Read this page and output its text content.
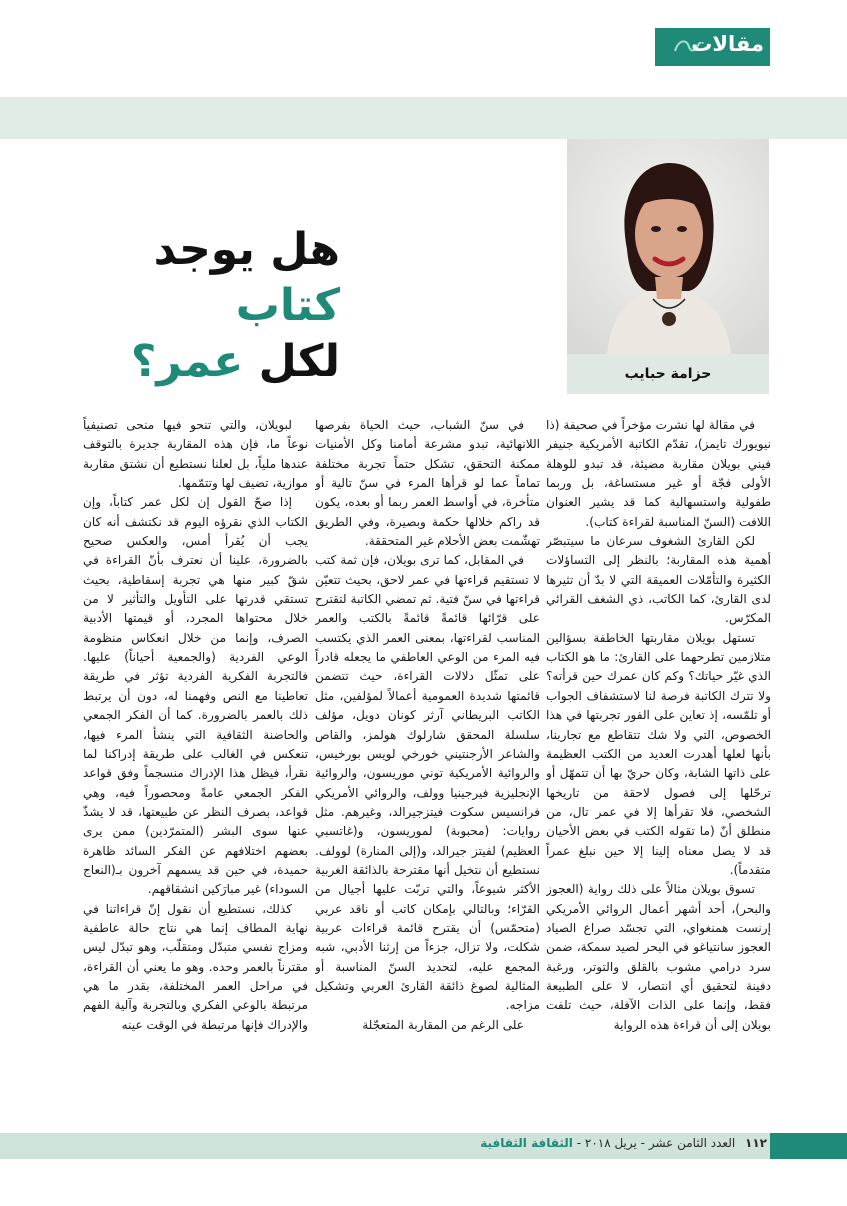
مقالات
حزامة حبايب
هل يوجد كتاب
لكل عمر؟

في مقالة لها نشرت مؤخراً في صحيفة (ذا نيويورك تايمز)، تقدّم الكاتبة الأمريكية جنيفر فيني بويلان مقاربة مضيئة، قد تبدو للوهلة الأولى فجّة أو غير مستساغة، بل وربما طفولية واستسهالية كما قد يشير العنوان اللافت (السنّ المناسبة لقراءة كتاب).

لكن القارئ الشغوف سرعان ما سيتبصّر أهمية هذه المقاربة؛ بالنظر إلى التساؤلات الكثيرة والتأمّلات العميقة التي لا بدّ أن تثيرها لدى القارئ، كما الكاتب، ذي الشغف القرائي المكرّس.

تستهل بويلان مقاربتها الخاطفة بسؤالين متلازمين تطرحهما على القارئ: ما هو الكتاب الذي غيّر حياتك؟ وكم كان عمرك حين قرأته؟ ولا تترك الكاتبة فرصة لنا لاستشفاف الجواب أو تلمّسه، إذ تعاين على الفور تجربتها في هذا الخصوص، التي ولا شك تتقاطع مع تجاربنا، بأنها لعلها أهدرت العديد من الكتب العظيمة على ذاتها الشابة، وكان حريّ بها أن تتمهّل أو ترحّلها إلى فصول لاحقة من تاريخها الشخصي، فلا تقرأها إلا في عمر تال، من منطلق أنّ (ما تقوله الكتب في بعض الأحيان قد لا يصل معناه إلينا إلا حين نبلغ عمراً متقدماً).

تسوق بويلان مثالاً على ذلك رواية (العجوز والبحر)، أحد أشهر أعمال الروائي الأمريكي إرنست همنغواي، التي تجسّد صراع الصياد العجوز سانتياغو في البحر لصيد سمكة، ضمن سرد درامي مشوب بالقلق والتوتر، ورغبة دفينة لتحقيق أي انتصار، لا على الطبيعة فقط، وإنما على الذات الآفلة، حيث تلفت بويلان إلى أن قراءة هذه الرواية

في سنّ الشباب، حيث الحياة بفرصها اللانهائية، تبدو مشرعة أمامنا وكل الأمنيات ممكنة التحقق، تشكل حتماً تجربة مختلفة تماماً عما لو قرأها المرء في سنّ تالية أو متأخرة، في أواسط العمر ربما أو بعده، يكون قد راكم خلالها حكمة وبصيرة، وفي الطريق تهشّمت بعض الأحلام غير المتحققة.

في المقابل، كما ترى بويلان، فإن ثمة كتب لا تستقيم قراءتها في عمر لاحق، بحيث تتعيّن قراءتها في سنّ فتية. ثم تمضي الكاتبة لتقترح على قرّائها قائمةً قائمةً بالكتب والعمر المناسب لقراءتها، بمعنى العمر الذي يكتسب فيه المرء من الوعي العاطفي ما يجعله قادراً على تمثّل دلالات القراءة، حيث تتضمن قائمتها شديدة العمومية أعمالاً لمؤلفين، مثل الكاتب البريطاني آرثر كونان دويل، مؤلف سلسلة المحقق شارلوك هولمز، والقاص والشاعر الأرجنتيني خورخي لويس بورخيس، والروائية الأمريكية توني موريسون، والروائية الإنجليزية فيرجينيا وولف، والروائي الأمريكي فرانسيس سكوت فيتزجيرالد، وغيرهم. مثل روايات: (محبوبة) لموريسون، و(غاتسبي العظيم) لفيتز جيرالد، و(إلى المنارة) لوولف. نستطيع أن نتخيل أنها مقترحة بالذائقة الغربية الأكثر شيوعاً، والتي تربّت عليها أجيال من القرّاء؛ وبالتالي بإمكان كاتب أو ناقد عربي (متحمّس) أن يقترح قائمة قراءات عربية شكلت، ولا تزال، جزءاً من إرثنا الأدبي، شبه المجمع عليه، لتحديد السنّ المناسبة أو المثالية لصوغ ذائقة القارئ العربي وتشكيل مزاجه.

على الرغم من المقاربة المتعجّلة

لبويلان، والتي تنحو فيها منحى تصنيفياً نوعاً ما، فإن هذه المقاربة جديرة بالتوقف عندها ملياً، بل لعلنا نستطيع أن نشتق مقاربة موازية، تضيف لها وتتمّمها.

إذا صحّ القول إن لكل عمر كتاباً، وإن الكتاب الذي نقرؤه اليوم قد نكتشف أنه كان يجب أن يُقرأ أمس، والعكس صحيح بالضرورة، علينا أن نعترف بأنّ القراءة في شقّ كبير منها هي تجربة إسقاطية، بحيث تستقي قدرتها على التأويل والتأثير لا من خلال محتواها المجرد، أو قيمتها الأدبية الصرف، وإنما من خلال انعكاس منظومة الوعي الفردية (والجمعية أحياناً) عليها. فالتجربة الفكرية الفردية تؤثر في طريقة تعاطينا مع النص وفهمنا له، دون أن يرتبط ذلك بالعمر بالضرورة. كما أن الفكر الجمعي والحاضنة الثقافية التي ينشأ المرء فيها، تنعكس في الغالب على طريقة إدراكنا لما نقرأ، فيظل هذا الإدراك منسجماً وفق قواعد الفكر الجمعي عامةً ومحصوراً فيه، وهي قواعد، بصرف النظر عن طبيعتها، قد لا يشذّ عنها سوى البشر (المتمرّدين) ممن يرى بعضهم اختلافهم عن الفكر السائد ظاهرة حميدة، في حين قد يسمهم آخرون بـ(النعاج السوداء) غير مبارَكين انشقاقهم.

كذلك، نستطيع أن نقول إنّ قراءاتنا في نهاية المطاف إنما هي نتاج حالة عاطفية ومزاج نفسي متبدّل ومتقلّب، وهو تبدّل ليس مقترناً بالعمر وحده. وهو ما يعني أن القراءة، في مراحل العمر المختلفة، بقدر ما هي مرتبطة بالوعي الفكري وبالتجربة وآلية الفهم والإدراك فإنها مرتبطة في الوقت عينه

١١٢ العدد الثامن عشر - يريل ٢٠١٨ - الثقافة الثقافية
